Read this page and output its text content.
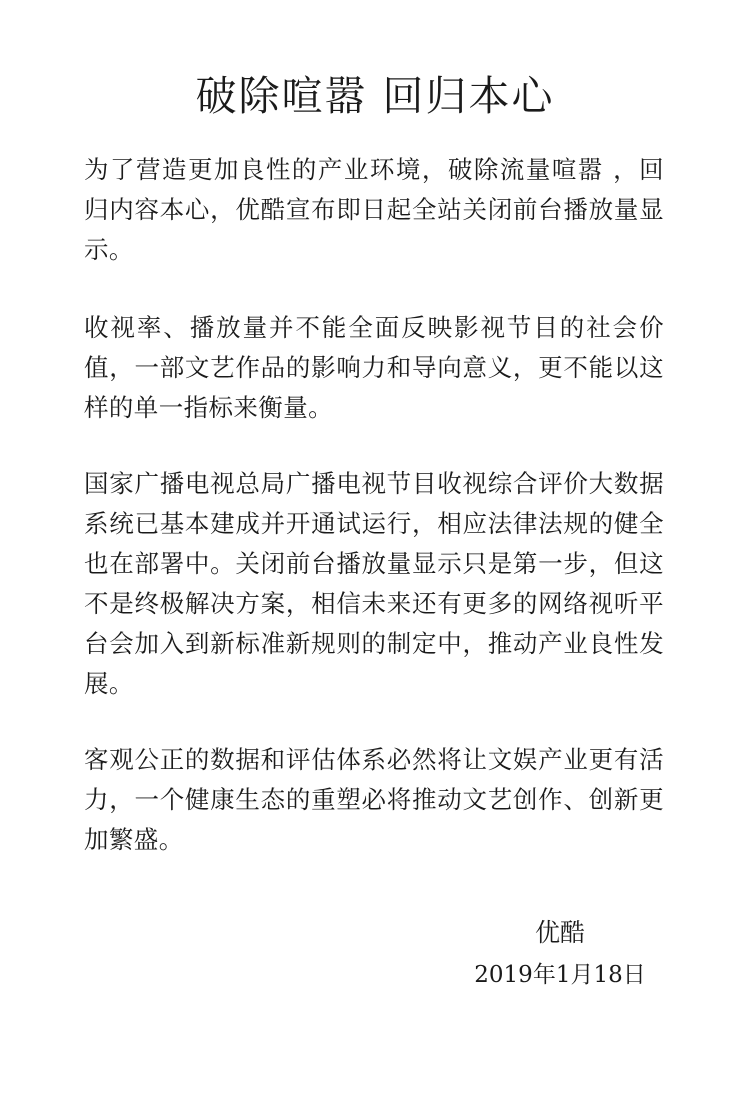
破除喧嚣 回归本心

为了营造更加良性的产业环境，破除流量喧嚣 ，回归内容本心，优酷宣布即日起全站关闭前台播放量显示。

收视率、播放量并不能全面反映影视节目的社会价值，一部文艺作品的影响力和导向意义，更不能以这样的单一指标来衡量。

国家广播电视总局广播电视节目收视综合评价大数据系统已基本建成并开通试运行，相应法律法规的健全也在部署中。关闭前台播放量显示只是第一步，但这不是终极解决方案，相信未来还有更多的网络视听平台会加入到新标准新规则的制定中，推动产业良性发展。

客观公正的数据和评估体系必然将让文娱产业更有活力，一个健康生态的重塑必将推动文艺创作、创新更加繁盛。

优酷
2019年1月18日
